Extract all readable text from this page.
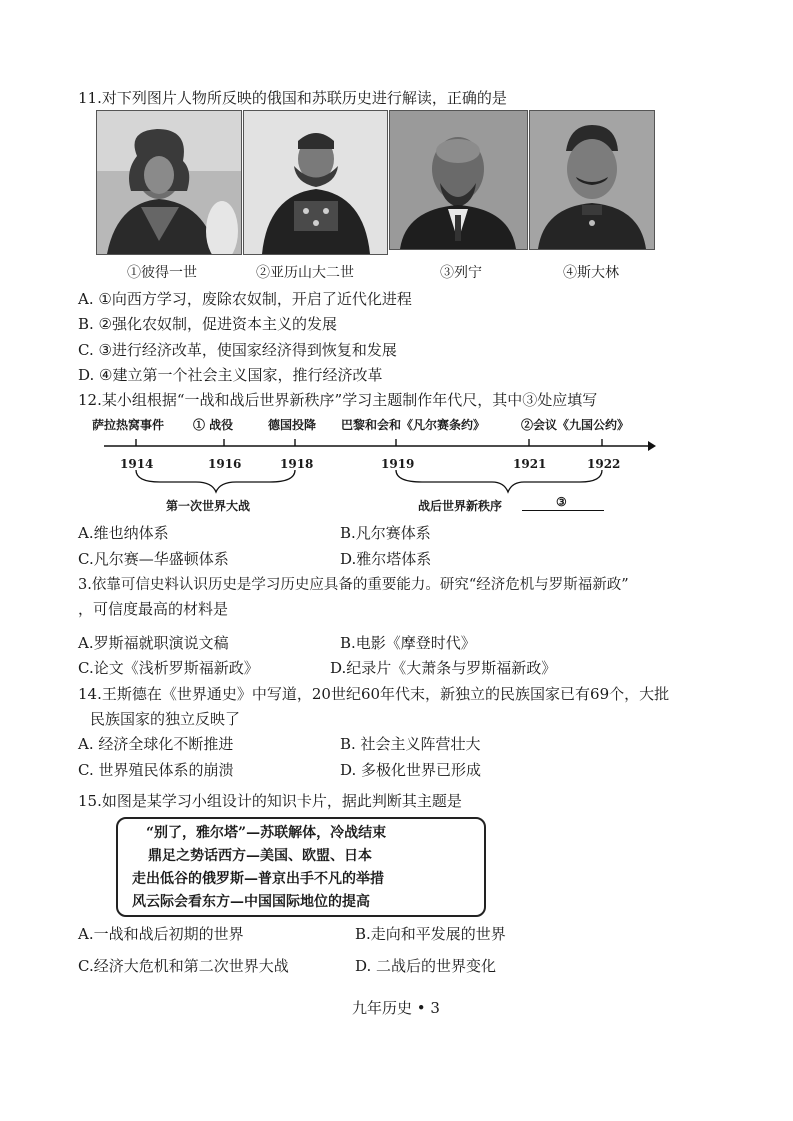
11.对下列图片人物所反映的俄国和苏联历史进行解读，正确的是
①彼得一世	②亚历山大二世	③列宁	④斯大林
A. ①向西方学习，废除农奴制，开启了近代化进程
B. ②强化农奴制，促进资本主义的发展
C. ③进行经济改革，使国家经济得到恢复和发展
D. ④建立第一个社会主义国家，推行经济改革
12.某小组根据“一战和战后世界新秩序”学习主题制作年代尺，其中③处应填写
萨拉热窝事件 ① 战役	德国投降 巴黎和会和《凡尔赛条约》	②会议《九国公约》
1914	1916	1918	1919	1921	1922
第一次世界大战	战后世界新秩序	③
A.维也纳体系	B.凡尔赛体系
C.凡尔赛—华盛顿体系	D.雅尔塔体系
3.依靠可信史料认识历史是学习历史应具备的重要能力。研究“经济危机与罗斯福新政”
，可信度最高的材料是
A.罗斯福就职演说文稿	B.电影《摩登时代》
C.论文《浅析罗斯福新政》	D.纪录片《大萧条与罗斯福新政》
14.王斯德在《世界通史》中写道，20世纪60年代末，新独立的民族国家已有69个，大批
民族国家的独立反映了
A. 经济全球化不断推进	B. 社会主义阵营壮大
C. 世界殖民体系的崩溃	D. 多极化世界已形成
15.如图是某学习小组设计的知识卡片，据此判断其主题是
“别了，雅尔塔”—苏联解体，冷战结束
鼎足之势话西方—美国、欧盟、日本
走出低谷的俄罗斯—普京出手不凡的举措
风云际会看东方—中国国际地位的提高
A.一战和战后初期的世界	B.走向和平发展的世界
C.经济大危机和第二次世界大战	D. 二战后的世界变化
九年历史 • 3
